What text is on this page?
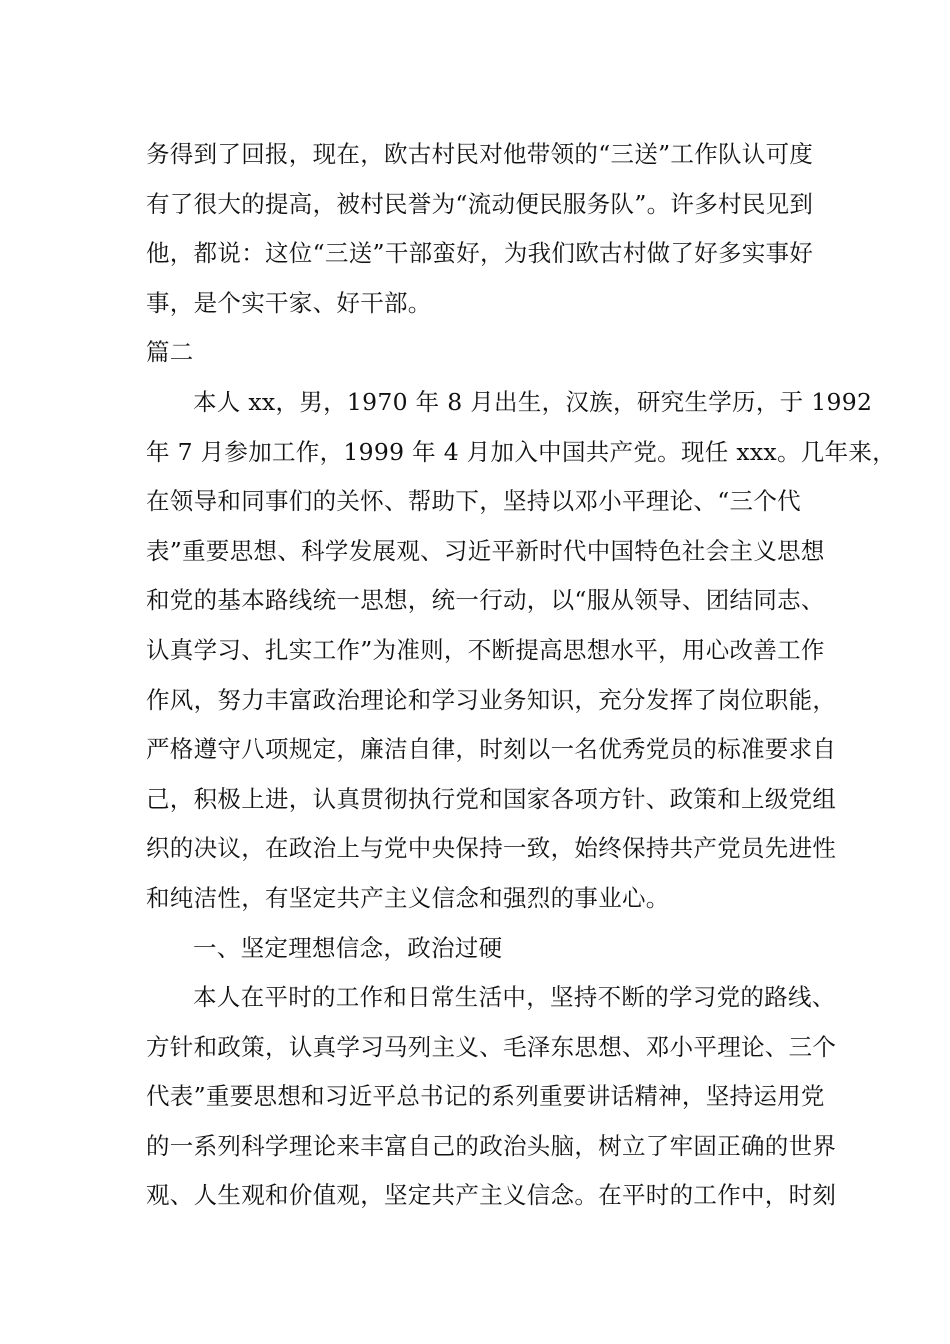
务得到了回报，现在，欧古村民对他带领的“三送”工作队认可度
有了很大的提高，被村民誉为“流动便民服务队”。许多村民见到
他，都说：这位“三送”干部蛮好，为我们欧古村做了好多实事好
事，是个实干家、好干部。
篇二
本人 xx，男，1970 年 8 月出生，汉族，研究生学历，于 1992
年 7 月参加工作，1999 年 4 月加入中国共产党。现任 xxx。几年来，
在领导和同事们的关怀、帮助下，坚持以邓小平理论、“三个代
表”重要思想、科学发展观、习近平新时代中国特色社会主义思想
和党的基本路线统一思想，统一行动，以“服从领导、团结同志、
认真学习、扎实工作”为准则，不断提高思想水平，用心改善工作
作风，努力丰富政治理论和学习业务知识，充分发挥了岗位职能，
严格遵守八项规定，廉洁自律，时刻以一名优秀党员的标准要求自
己，积极上进，认真贯彻执行党和国家各项方针、政策和上级党组
织的决议，在政治上与党中央保持一致，始终保持共产党员先进性
和纯洁性，有坚定共产主义信念和强烈的事业心。
一、坚定理想信念，政治过硬
本人在平时的工作和日常生活中，坚持不断的学习党的路线、
方针和政策，认真学习马列主义、毛泽东思想、邓小平理论、三个
代表”重要思想和习近平总书记的系列重要讲话精神，坚持运用党
的一系列科学理论来丰富自己的政治头脑，树立了牢固正确的世界
观、人生观和价值观，坚定共产主义信念。在平时的工作中，时刻
